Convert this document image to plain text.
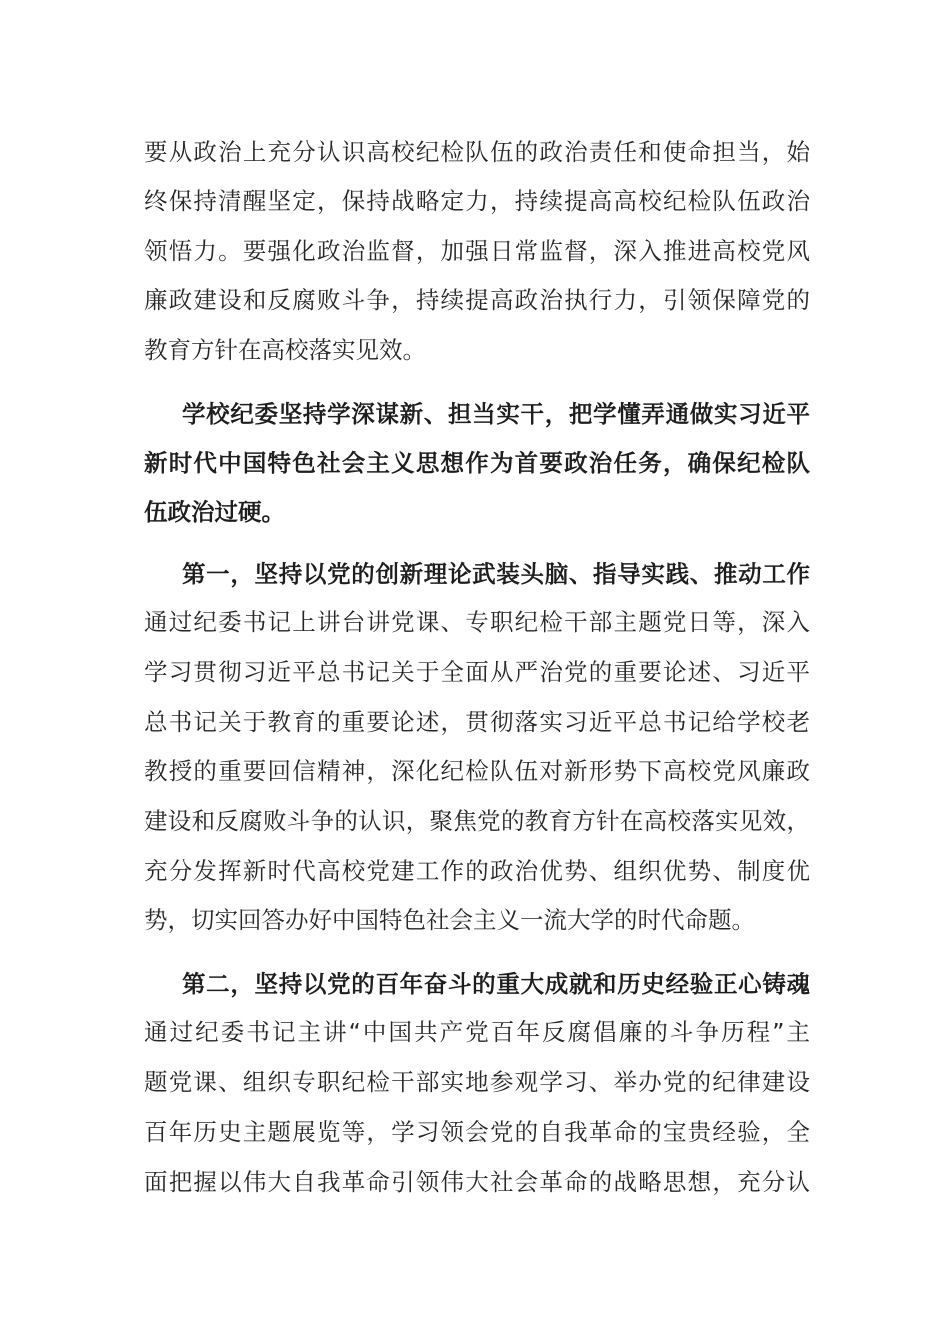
要从政治上充分认识高校纪检队伍的政治责任和使命担当，始
终保持清醒坚定，保持战略定力，持续提高高校纪检队伍政治
领悟力。要强化政治监督，加强日常监督，深入推进高校党风
廉政建设和反腐败斗争，持续提高政治执行力，引领保障党的
教育方针在高校落实见效。
学校纪委坚持学深谋新、担当实干，把学懂弄通做实习近平
新时代中国特色社会主义思想作为首要政治任务，确保纪检队
伍政治过硬。
第一，坚持以党的创新理论武装头脑、指导实践、推动工作
通过纪委书记上讲台讲党课、专职纪检干部主题党日等，深入
学习贯彻习近平总书记关于全面从严治党的重要论述、习近平
总书记关于教育的重要论述，贯彻落实习近平总书记给学校老
教授的重要回信精神，深化纪检队伍对新形势下高校党风廉政
建设和反腐败斗争的认识，聚焦党的教育方针在高校落实见效，
充分发挥新时代高校党建工作的政治优势、组织优势、制度优
势，切实回答办好中国特色社会主义一流大学的时代命题。
第二，坚持以党的百年奋斗的重大成就和历史经验正心铸魂
通过纪委书记主讲“中国共产党百年反腐倡廉的斗争历程”主
题党课、组织专职纪检干部实地参观学习、举办党的纪律建设
百年历史主题展览等，学习领会党的自我革命的宝贵经验，全
面把握以伟大自我革命引领伟大社会革命的战略思想，充分认
